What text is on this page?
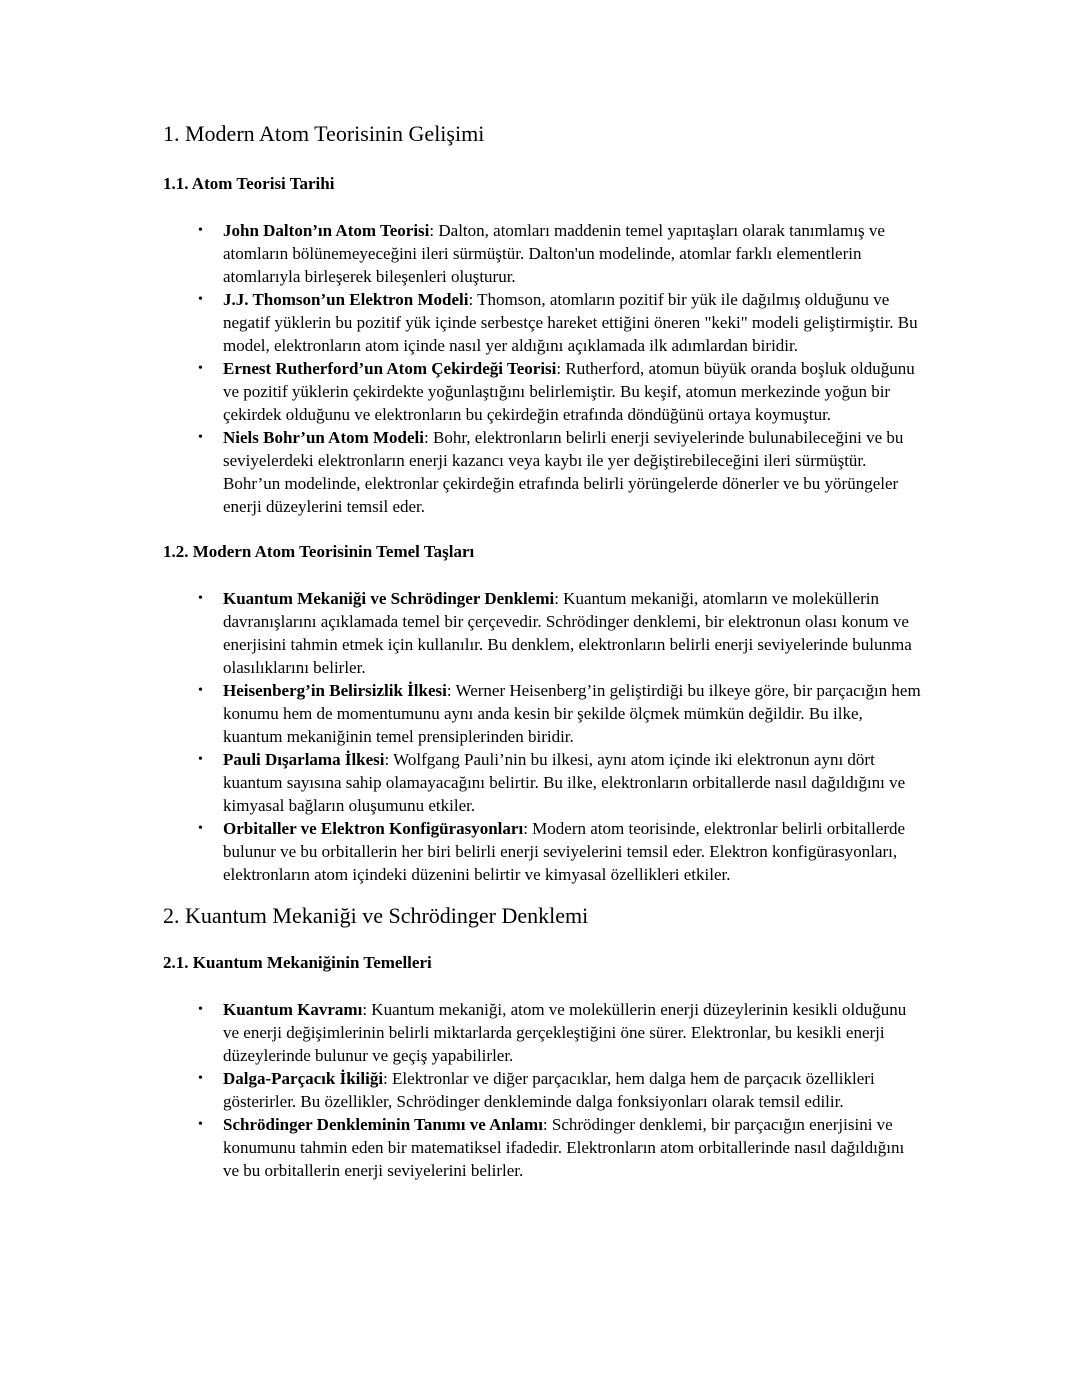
1. Modern Atom Teorisinin Gelişimi
1.1. Atom Teorisi Tarihi
• John Dalton’ın Atom Teorisi: Dalton, atomları maddenin temel yapıtaşları olarak tanımlamış ve atomların bölünemeyeceğini ileri sürmüştür. Dalton'un modelinde, atomlar farklı elementlerin atomlarıyla birleşerek bileşenleri oluşturur.
• J.J. Thomson’un Elektron Modeli: Thomson, atomların pozitif bir yük ile dağılmış olduğunu ve negatif yüklerin bu pozitif yük içinde serbestçe hareket ettiğini öneren "keki" modeli geliştirmiştir. Bu model, elektronların atom içinde nasıl yer aldığını açıklamada ilk adımlardan biridir.
• Ernest Rutherford’un Atom Çekirdeği Teorisi: Rutherford, atomun büyük oranda boşluk olduğunu ve pozitif yüklerin çekirdekte yoğunlaştığını belirlemiştir. Bu keşif, atomun merkezinde yoğun bir çekirdek olduğunu ve elektronların bu çekirdeğin etrafında döndüğünü ortaya koymuştur.
• Niels Bohr’un Atom Modeli: Bohr, elektronların belirli enerji seviyelerinde bulunabileceğini ve bu seviyelerdeki elektronların enerji kazancı veya kaybı ile yer değiştirebileceğini ileri sürmüştür. Bohr’un modelinde, elektronlar çekirdeğin etrafında belirli yörüngelerde dönerler ve bu yörüngeler enerji düzeylerini temsil eder.
1.2. Modern Atom Teorisinin Temel Taşları
• Kuantum Mekaniği ve Schrödinger Denklemi: Kuantum mekaniği, atomların ve moleküllerin davranışlarını açıklamada temel bir çerçevedir. Schrödinger denklemi, bir elektronun olası konum ve enerjisini tahmin etmek için kullanılır. Bu denklem, elektronların belirli enerji seviyelerinde bulunma olasılıklarını belirler.
• Heisenberg’in Belirsizlik İlkesi: Werner Heisenberg’in geliştirdiği bu ilkeye göre, bir parçacığın hem konumu hem de momentumunu aynı anda kesin bir şekilde ölçmek mümkün değildir. Bu ilke, kuantum mekaniğinin temel prensiplerinden biridir.
• Pauli Dışarlama İlkesi: Wolfgang Pauli’nin bu ilkesi, aynı atom içinde iki elektronun aynı dört kuantum sayısına sahip olamayacağını belirtir. Bu ilke, elektronların orbitallerde nasıl dağıldığını ve kimyasal bağların oluşumunu etkiler.
• Orbitaller ve Elektron Konfigürasyonları: Modern atom teorisinde, elektronlar belirli orbitallerde bulunur ve bu orbitallerin her biri belirli enerji seviyelerini temsil eder. Elektron konfigürasyonları, elektronların atom içindeki düzenini belirtir ve kimyasal özellikleri etkiler.
2. Kuantum Mekaniği ve Schrödinger Denklemi
2.1. Kuantum Mekaniğinin Temelleri
• Kuantum Kavramı: Kuantum mekaniği, atom ve moleküllerin enerji düzeylerinin kesikli olduğunu ve enerji değişimlerinin belirli miktarlarda gerçekleştiğini öne sürer. Elektronlar, bu kesikli enerji düzeylerinde bulunur ve geçiş yapabilirler.
• Dalga-Parçacık İkiliği: Elektronlar ve diğer parçacıklar, hem dalga hem de parçacık özellikleri gösterirler. Bu özellikler, Schrödinger denkleminde dalga fonksiyonları olarak temsil edilir.
• Schrödinger Denkleminin Tanımı ve Anlamı: Schrödinger denklemi, bir parçacığın enerjisini ve konumunu tahmin eden bir matematiksel ifadedir. Elektronların atom orbitallerinde nasıl dağıldığını ve bu orbitallerin enerji seviyelerini belirler.
